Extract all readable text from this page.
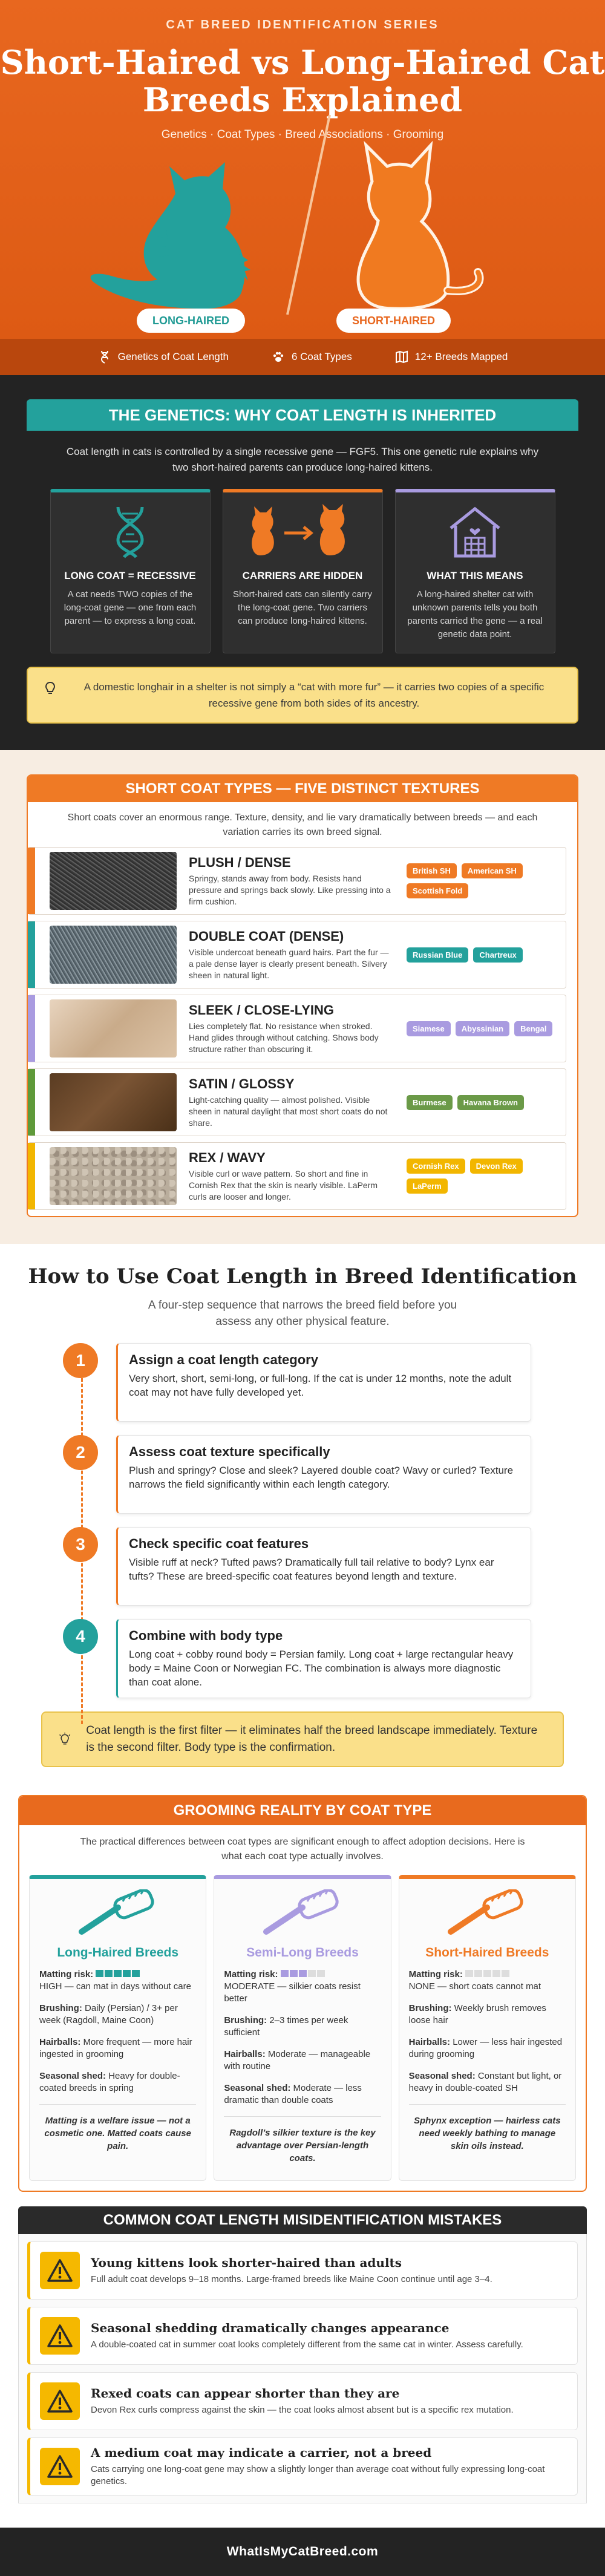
CAT BREED IDENTIFICATION SERIES
Short-Haired vs Long-Haired Cat Breeds Explained
Genetics · Coat Types · Breed Associations · Grooming
LONG-HAIRED	SHORT-HAIRED
Genetics of Coat Length	6 Coat Types	12+ Breeds Mapped
THE GENETICS: WHY COAT LENGTH IS INHERITED

Coat length in cats is controlled by a single recessive gene — FGF5. This one genetic rule explains why two short-haired parents can produce long-haired kittens.

LONG COAT = RECESSIVE

A cat needs TWO copies of the long-coat gene — one from each parent — to express a long coat.

CARRIERS ARE HIDDEN

Short-haired cats can silently carry the long-coat gene. Two carriers can produce long-haired kittens.

WHAT THIS MEANS

A long-haired shelter cat with unknown parents tells you both parents carried the gene — a real genetic data point.

A domestic longhair in a shelter is not simply a “cat with more fur” — it carries two copies of a specific recessive gene from both sides of its ancestry.
SHORT COAT TYPES — FIVE DISTINCT TEXTURES

Short coats cover an enormous range. Texture, density, and lie vary dramatically between breeds — and each variation carries its own breed signal.

PLUSH / DENSE

Springy, stands away from body. Resists hand pressure and springs back slowly. Like pressing into a firm cushion.

British SH	American SH
Scottish Fold
DOUBLE COAT (DENSE)

Visible undercoat beneath guard hairs. Part the fur — a pale dense layer is clearly present beneath. Silvery sheen in natural light.

Russian Blue	Chartreux
SLEEK / CLOSE-LYING

Lies completely flat. No resistance when stroked. Hand glides through without catching. Shows body structure rather than obscuring it.

Siamese	Abyssinian	Bengal
SATIN / GLOSSY

Light-catching quality — almost polished. Visible sheen in natural daylight that most short coats do not share.

Burmese	Havana Brown
REX / WAVY

Visible curl or wave pattern. So short and fine in Cornish Rex that the skin is nearly visible. LaPerm curls are looser and longer.

Cornish Rex	Devon Rex
LaPerm
How to Use Coat Length in Breed Identification

A four-step sequence that narrows the breed field before you assess any other physical feature.

1	Assign a coat length category

Very short, short, semi-long, or full-long. If the cat is under 12 months, note the adult coat may not have fully developed yet.

2	Assess coat texture specifically

Plush and springy? Close and sleek? Layered double coat? Wavy or curled? Texture narrows the field significantly within each length category.

3	Check specific coat features

Visible ruff at neck? Tufted paws? Dramatically full tail relative to body? Lynx ear tufts? These are breed-specific coat features beyond length and texture.

4	Combine with body type

Long coat + cobby round body = Persian family. Long coat + large rectangular heavy body = Maine Coon or Norwegian FC. The combination is always more diagnostic than coat alone.

Coat length is the first filter — it eliminates half the breed landscape immediately. Texture is the second filter. Body type is the confirmation.

GROOMING REALITY BY COAT TYPE

The practical differences between coat types are significant enough to affect adoption decisions. Here is what each coat type actually involves.

Long-Haired Breeds
Matting risk:
HIGH — can mat in days without care
Brushing: Daily (Persian) / 3+ per week (Ragdoll, Maine Coon)
Hairballs: More frequent — more hair ingested in grooming
Seasonal shed: Heavy for double-coated breeds in spring
Matting is a welfare issue — not a cosmetic one. Matted coats cause pain.
Semi-Long Breeds
Matting risk:
MODERATE — silkier coats resist better
Brushing: 2–3 times per week sufficient
Hairballs: Moderate — manageable with routine
Seasonal shed: Moderate — less dramatic than double coats
Ragdoll’s silkier texture is the key advantage over Persian-length coats.
Short-Haired Breeds
Matting risk:
NONE — short coats cannot mat
Brushing: Weekly brush removes loose hair
Hairballs: Lower — less hair ingested during grooming
Seasonal shed: Constant but light, or heavy in double-coated SH
Sphynx exception — hairless cats need weekly bathing to manage skin oils instead.
COMMON COAT LENGTH MISIDENTIFICATION MISTAKES
Young kittens look shorter-haired than adults

Full adult coat develops 9–18 months. Large-framed breeds like Maine Coon continue until age 3–4.

Seasonal shedding dramatically changes appearance

A double-coated cat in summer coat looks completely different from the same cat in winter. Assess carefully.

Rexed coats can appear shorter than they are

Devon Rex curls compress against the skin — the coat looks almost absent but is a specific rex mutation.

A medium coat may indicate a carrier, not a breed

Cats carrying one long-coat gene may show a slightly longer than average coat without fully expressing long-coat genetics.

WhatIsMyCatBreed.com
